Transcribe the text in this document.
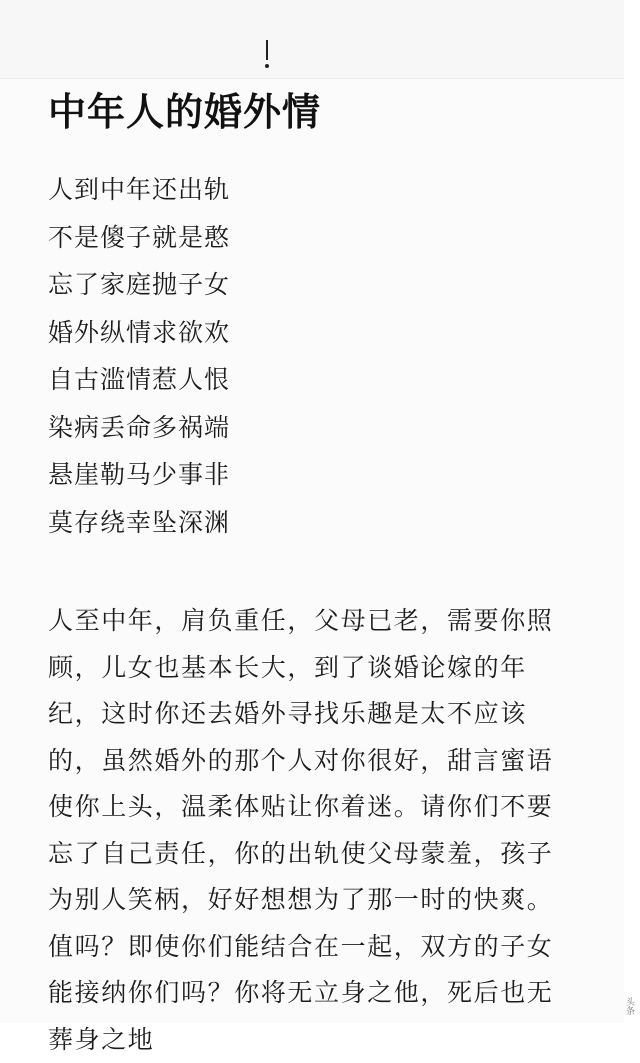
中年人的婚外情
人到中年还出轨
不是傻子就是憨
忘了家庭抛子女
婚外纵情求欲欢
自古滥情惹人恨
染病丢命多祸端
悬崖勒马少事非
莫存绕幸坠深渊
人至中年，肩负重任，父母已老，需要你照
顾，儿女也基本长大，到了谈婚论嫁的年
纪，这时你还去婚外寻找乐趣是太不应该
的，虽然婚外的那个人对你很好，甜言蜜语
使你上头，温柔体贴让你着迷。请你们不要
忘了自己责任，你的出轨使父母蒙羞，孩子
为别人笑柄，好好想想为了那一时的快爽。
值吗？即使你们能结合在一起，双方的子女
能接纳你们吗？你将无立身之他，死后也无
葬身之地
头条
